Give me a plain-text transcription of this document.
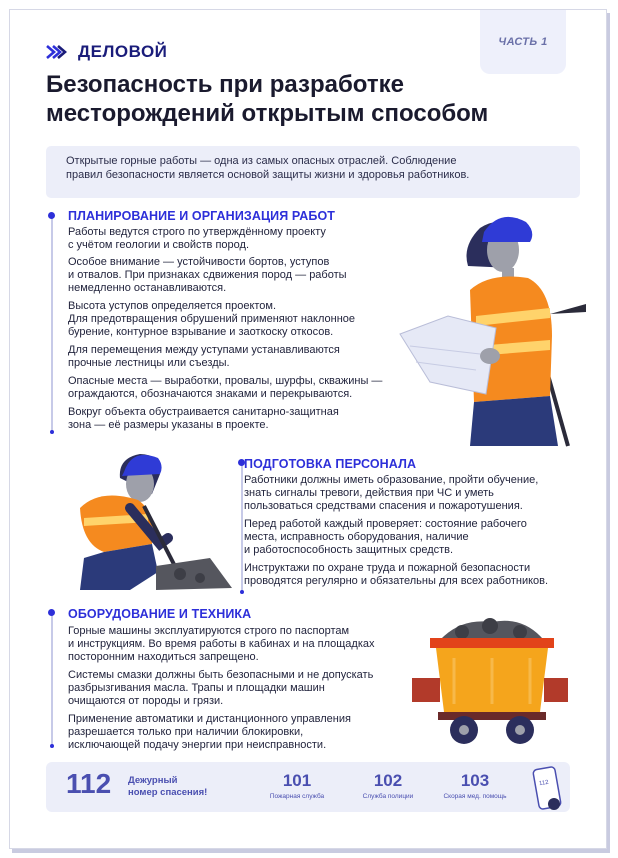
ДЕЛОВОЙ	ЧАСТЬ 1
Безопасность при разработке
месторождений открытым способом
Открытые горные работы — одна из самых опасных отраслей. Соблюдение
правил безопасности является основой защиты жизни и здоровья работников.
ПЛАНИРОВАНИЕ И ОРГАНИЗАЦИЯ РАБОТ
Работы ведутся строго по утверждённому проекту
с учётом геологии и свойств пород.
Особое внимание — устойчивости бортов, уступов
и отвалов. При признаках сдвижения пород — работы
немедленно останавливаются.
Высота уступов определяется проектом.
Для предотвращения обрушений применяют наклонное
бурение, контурное взрывание и заоткоску откосов.
Для перемещения между уступами устанавливаются
прочные лестницы или съезды.
Опасные места — выработки, провалы, шурфы, скважины —
ограждаются, обозначаются знаками и перекрываются.
Вокруг объекта обустраивается санитарно-защитная
зона — её размеры указаны в проекте.
ПОДГОТОВКА ПЕРСОНАЛА
Работники должны иметь образование, пройти обучение,
знать сигналы тревоги, действия при ЧС и уметь
пользоваться средствами спасения и пожаротушения.
Перед работой каждый проверяет: состояние рабочего
места, исправность оборудования, наличие
и работоспособность защитных средств.
Инструктажи по охране труда и пожарной безопасности
проводятся регулярно и обязательны для всех работников.
ОБОРУДОВАНИЕ И ТЕХНИКА
Горные машины эксплуатируются строго по паспортам
и инструкциям. Во время работы в кабинах и на площадках
посторонним находиться запрещено.
Системы смазки должны быть безопасными и не допускать
разбрызгивания масла. Трапы и площадки машин
очищаются от породы и грязи.
Применение автоматики и дистанционного управления
разрешается только при наличии блокировки,
исключающей подачу энергии при неисправности.
112 Дежурный
номер спасения!
101
Пожарная служба
102
Служба полиции
103
Скорая мед. помощь
112
